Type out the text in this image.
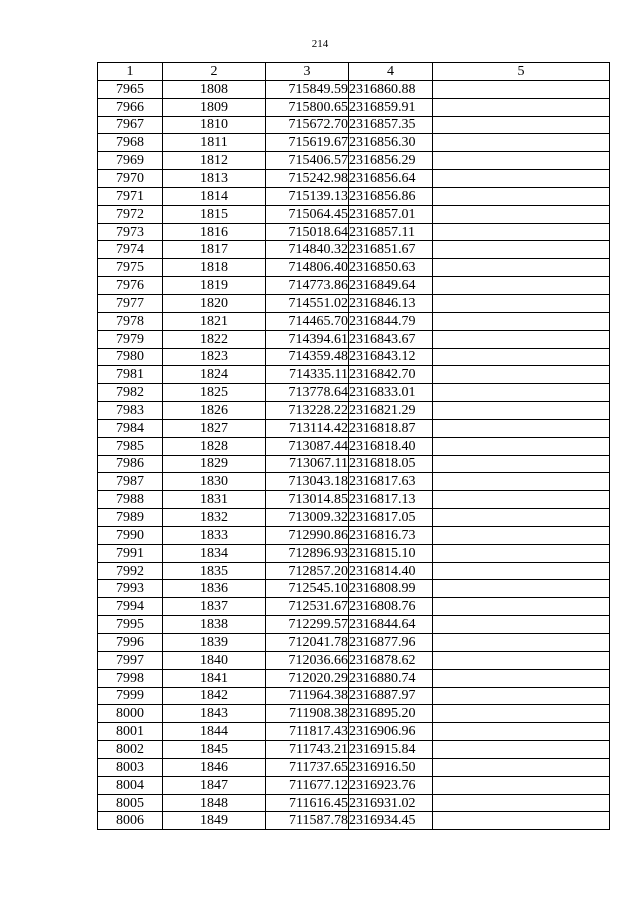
214
1	2	3	4	5
7965	1808	715849.59	2316860.88	
7966	1809	715800.65	2316859.91	
7967	1810	715672.70	2316857.35	
7968	1811	715619.67	2316856.30	
7969	1812	715406.57	2316856.29	
7970	1813	715242.98	2316856.64	
7971	1814	715139.13	2316856.86	
7972	1815	715064.45	2316857.01	
7973	1816	715018.64	2316857.11	
7974	1817	714840.32	2316851.67	
7975	1818	714806.40	2316850.63	
7976	1819	714773.86	2316849.64	
7977	1820	714551.02	2316846.13	
7978	1821	714465.70	2316844.79	
7979	1822	714394.61	2316843.67	
7980	1823	714359.48	2316843.12	
7981	1824	714335.11	2316842.70	
7982	1825	713778.64	2316833.01	
7983	1826	713228.22	2316821.29	
7984	1827	713114.42	2316818.87	
7985	1828	713087.44	2316818.40	
7986	1829	713067.11	2316818.05	
7987	1830	713043.18	2316817.63	
7988	1831	713014.85	2316817.13	
7989	1832	713009.32	2316817.05	
7990	1833	712990.86	2316816.73	
7991	1834	712896.93	2316815.10	
7992	1835	712857.20	2316814.40	
7993	1836	712545.10	2316808.99	
7994	1837	712531.67	2316808.76	
7995	1838	712299.57	2316844.64	
7996	1839	712041.78	2316877.96	
7997	1840	712036.66	2316878.62	
7998	1841	712020.29	2316880.74	
7999	1842	711964.38	2316887.97	
8000	1843	711908.38	2316895.20	
8001	1844	711817.43	2316906.96	
8002	1845	711743.21	2316915.84	
8003	1846	711737.65	2316916.50	
8004	1847	711677.12	2316923.76	
8005	1848	711616.45	2316931.02	
8006	1849	711587.78	2316934.45	
